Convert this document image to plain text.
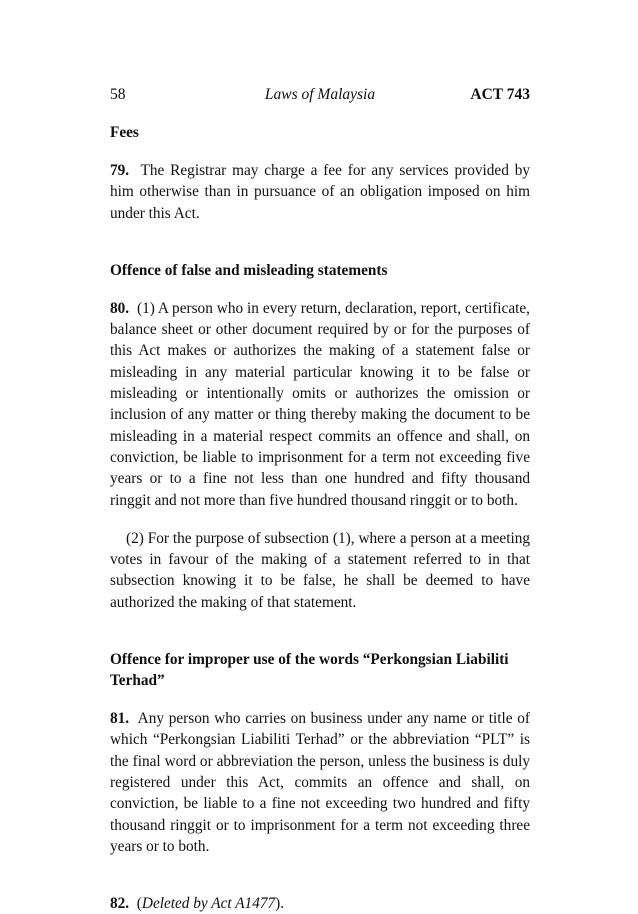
58	Laws of Malaysia	ACT 743
Fees

79. The Registrar may charge a fee for any services provided by him otherwise than in pursuance of an obligation imposed on him under this Act.

Offence of false and misleading statements

80. (1) A person who in every return, declaration, report, certificate, balance sheet or other document required by or for the purposes of this Act makes or authorizes the making of a statement false or misleading in any material particular knowing it to be false or misleading or intentionally omits or authorizes the omission or inclusion of any matter or thing thereby making the document to be misleading in a material respect commits an offence and shall, on conviction, be liable to imprisonment for a term not exceeding five years or to a fine not less than one hundred and fifty thousand ringgit and not more than five hundred thousand ringgit or to both.

(2) For the purpose of subsection (1), where a person at a meeting votes in favour of the making of a statement referred to in that subsection knowing it to be false, he shall be deemed to have authorized the making of that statement.

Offence for improper use of the words “Perkongsian Liabiliti Terhad”

81. Any person who carries on business under any name or title of which “Perkongsian Liabiliti Terhad” or the abbreviation “PLT” is the final word or abbreviation the person, unless the business is duly registered under this Act, commits an offence and shall, on conviction, be liable to a fine not exceeding two hundred and fifty thousand ringgit or to imprisonment for a term not exceeding three years or to both.

82. (Deleted by Act A1477).
